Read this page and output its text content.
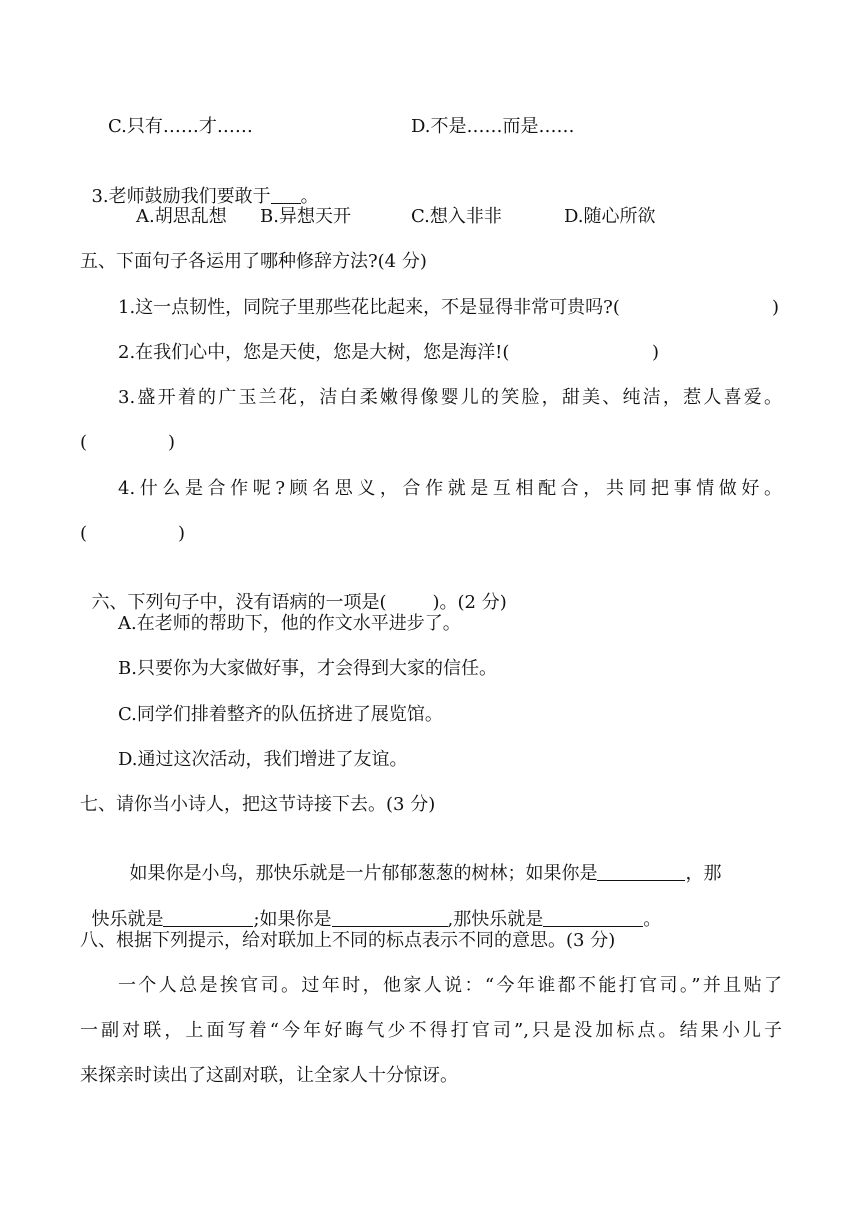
C.只有……才……	D.不是……而是……

3.老师鼓励我们要敢于 。

A.胡思乱想 B.异想天开	C.想入非非	D.随心所欲
五、下面句子各运用了哪种修辞方法?(4 分)
1.这一点韧性，同院子里那些花比起来，不是显得非常可贵吗?(	)
2.在我们心中，您是天使，您是大树，您是海洋!(	)
3.盛开着的广玉兰花，洁白柔嫩得像婴儿的笑脸，甜美、纯洁，惹人喜爱。
(	)
4.什么是合作呢?顾名思义，合作就是互相配合，共同把事情做好。
(	)

六、下列句子中，没有语病的一项是(	)。(2 分)

A.在老师的帮助下，他的作文水平进步了。
B.只要你为大家做好事，才会得到大家的信任。
C.同学们排着整齐的队伍挤进了展览馆。
D.通过这次活动，我们增进了友谊。
七、请你当小诗人，把这节诗接下去。(3 分)

如果你是小鸟，那快乐就是一片郁郁葱葱的树林；如果你是	，那

快乐就是	;如果你是	,那快乐就是	。

八、根据下列提示，给对联加上不同的标点表示不同的意思。(3 分)
一个人总是挨官司。过年时，他家人说：“今年谁都不能打官司。”并且贴了
一副对联，上面写着“今年好晦气少不得打官司”,只是没加标点。结果小儿子
来探亲时读出了这副对联，让全家人十分惊讶。
